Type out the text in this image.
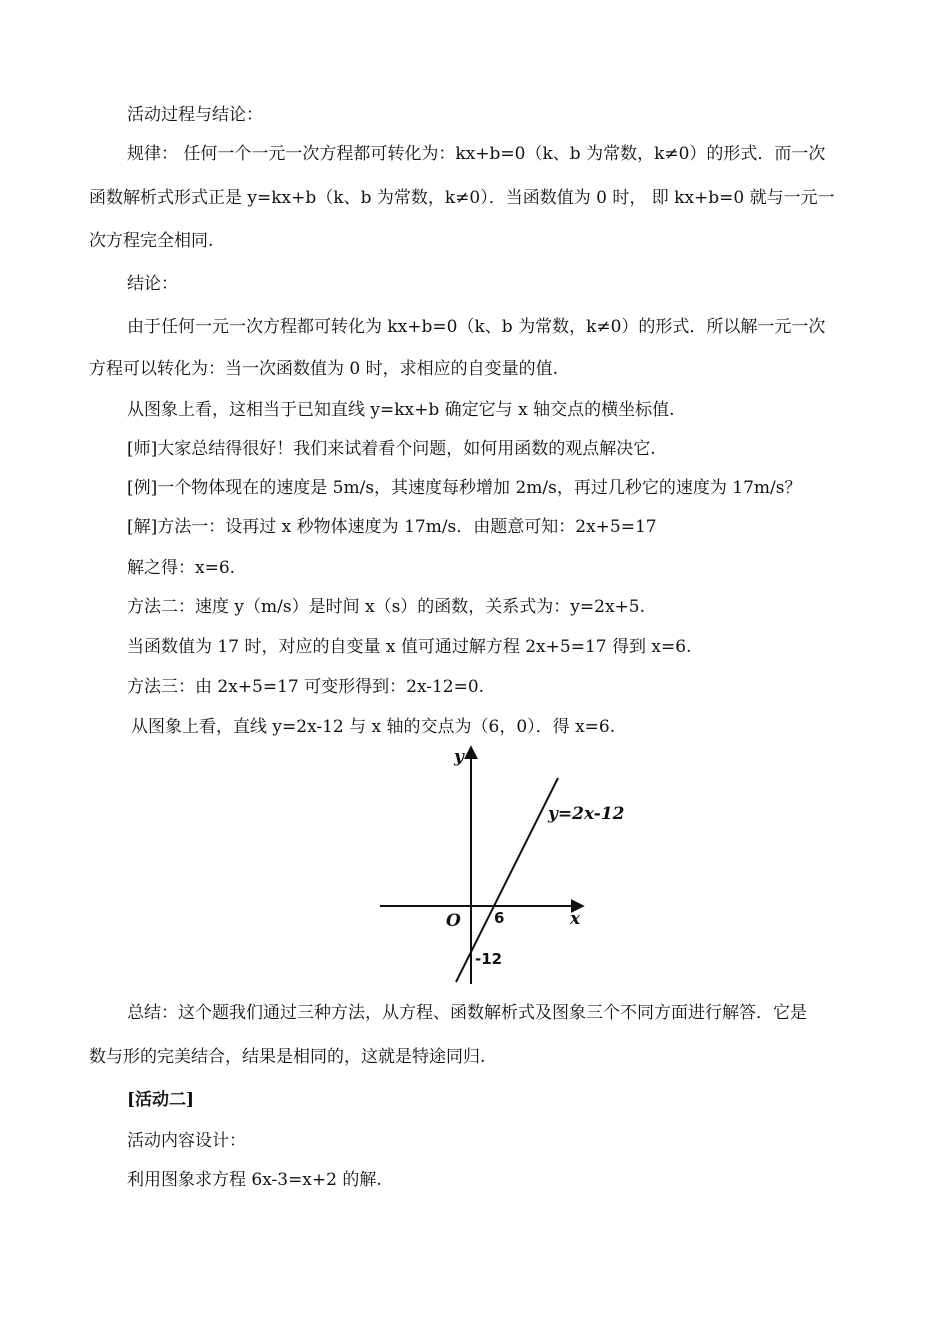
活动过程与结论：
规律： 任何一个一元一次方程都可转化为：kx+b=0（k、b 为常数，k≠0）的形式．而一次
函数解析式形式正是 y=kx+b（k、b 为常数，k≠0）．当函数值为 0 时， 即 kx+b=0 就与一元一
次方程完全相同.
结论：
由于任何一元一次方程都可转化为 kx+b=0（k、b 为常数，k≠0）的形式．所以解一元一次
方程可以转化为：当一次函数值为 0 时，求相应的自变量的值.
从图象上看，这相当于已知直线 y=kx+b 确定它与 x 轴交点的横坐标值.
[师]大家总结得很好！我们来试着看个问题，如何用函数的观点解决它.
[例]一个物体现在的速度是 5m/s，其速度每秒增加 2m/s，再过几秒它的速度为 17m/s？
[解]方法一：设再过 x 秒物体速度为 17m/s．由题意可知：2x+5=17
解之得：x=6.
方法二：速度 y（m/s）是时间 x（s）的函数，关系式为：y=2x+5.
当函数值为 17 时，对应的自变量 x 值可通过解方程 2x+5=17 得到 x=6.
方法三：由 2x+5=17 可变形得到：2x-12=0.
从图象上看，直线 y=2x-12 与 x 轴的交点为（6，0）．得 x=6.
y
x
O 6
-12
y=2x-12
总结：这个题我们通过三种方法，从方程、函数解析式及图象三个不同方面进行解答．它是
数与形的完美结合，结果是相同的，这就是特途同归.
[活动二]
活动内容设计：
利用图象求方程 6x-3=x+2 的解.
